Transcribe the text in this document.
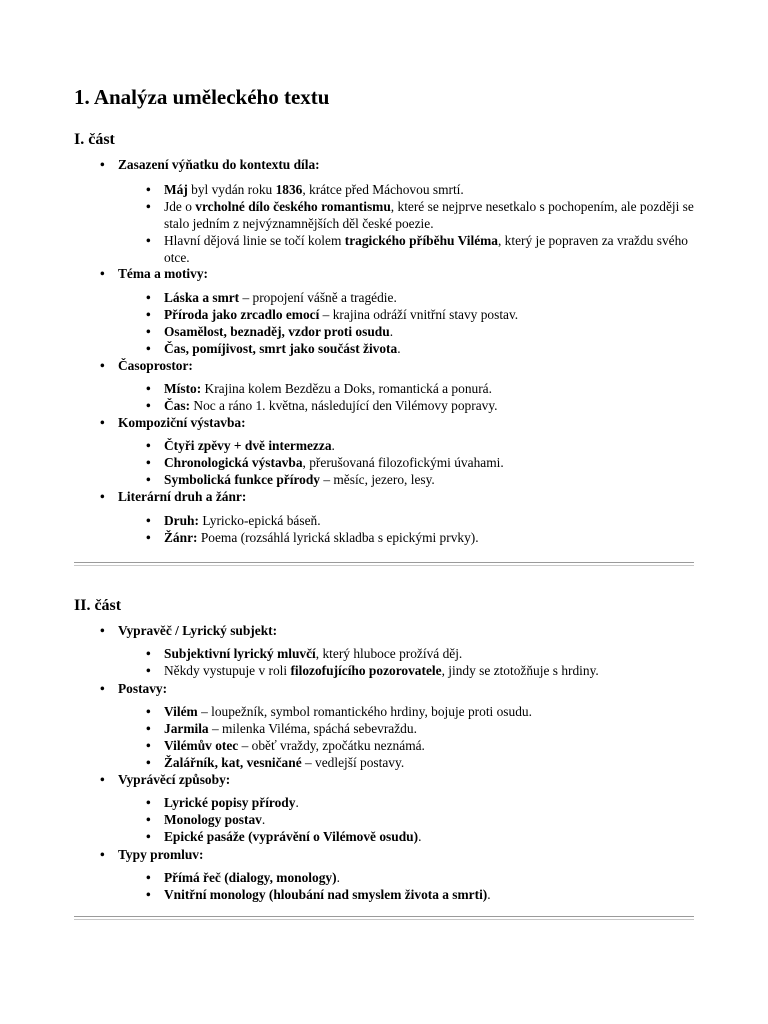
1. Analýza uměleckého textu
I. část
• Zasazení výňatku do kontextu díla:
• Máj byl vydán roku 1836, krátce před Máchovou smrtí.
• Jde o vrcholné dílo českého romantismu, které se nejprve nesetkalo s pochopením, ale později se stalo jedním z nejvýznamnějších děl české poezie.
• Hlavní dějová linie se točí kolem tragického příběhu Viléma, který je popraven za vraždu svého otce.
• Téma a motivy:
• Láska a smrt – propojení vášně a tragédie.
• Příroda jako zrcadlo emocí – krajina odráží vnitřní stavy postav.
• Osamělost, beznaděj, vzdor proti osudu.
• Čas, pomíjivost, smrt jako součást života.
• Časoprostor:
• Místo: Krajina kolem Bezdězu a Doks, romantická a ponurá.
• Čas: Noc a ráno 1. května, následující den Vilémovy popravy.
• Kompoziční výstavba:
• Čtyři zpěvy + dvě intermezza.
• Chronologická výstavba, přerušovaná filozofickými úvahami.
• Symbolická funkce přírody – měsíc, jezero, lesy.
• Literární druh a žánr:
• Druh: Lyricko-epická báseň.
• Žánr: Poema (rozsáhlá lyrická skladba s epickými prvky).
II. část
• Vypravěč / Lyrický subjekt:
• Subjektivní lyrický mluvčí, který hluboce prožívá děj.
• Někdy vystupuje v roli filozofujícího pozorovatele, jindy se ztotožňuje s hrdiny.
• Postavy:
• Vilém – loupežník, symbol romantického hrdiny, bojuje proti osudu.
• Jarmila – milenka Viléma, spáchá sebevraždu.
• Vilémův otec – oběť vraždy, zpočátku neznámá.
• Žalářník, kat, vesničané – vedlejší postavy.
• Vyprávěcí způsoby:
• Lyrické popisy přírody.
• Monology postav.
• Epické pasáže (vyprávění o Vilémově osudu).
• Typy promluv:
• Přímá řeč (dialogy, monology).
• Vnitřní monology (hloubání nad smyslem života a smrti).
